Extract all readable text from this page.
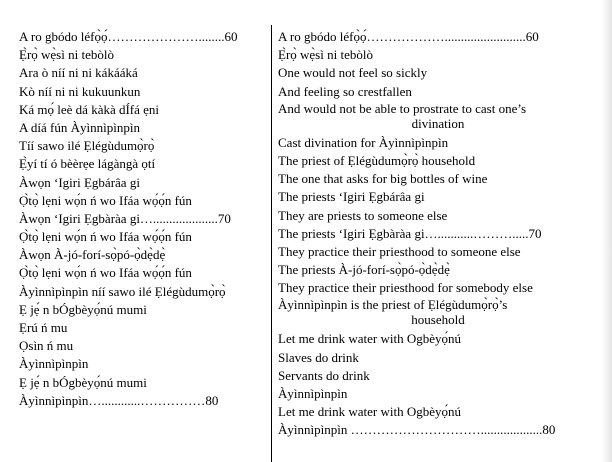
A ro gbódo léfọ̀ọ́…………………........60
Ẹ̀rọ̀ wẹ̀sì ni tebòlò
Ara ò níí ni ni kákááká
Kò níí ni ni kukuunkun
Ká mọ́ leè dá kàkà dÍfá ẹni
A díá fún Àyìnnìpìnpìn
Tíí sawo ilé Ẹlégùdumọ̀rọ̀
Ẹ̀yí tí ó bèèrẹe lágàngà ọtí
Àwọn ‘Igiri Ẹgbárâa gi
Ọ̀tọ̀ lẹni wọ́n ń wo Ifáa wọ́ọ́n fún
Àwọn ‘Igiri Ẹgbàràa gi…....................70
Ọ̀tọ̀ lẹni wọ́n ń wo Ifáa wọ́ọ́n fún
Àwọn À-jó-forí-sọ̀pó-ọ̀dẹ̀dẹ̀
Ọ̀tọ̀ lẹni wọ́n ń wo Ifáa wọ́ọ́n fún
Àyìnnìpìnpìn níí sawo ilé Ẹlégùdumọ̀rọ̀
Ẹ jẹ́ n bÓgbèyọ́nú mumi
Ẹrú ń mu
Ọsìn ń mu
Àyìnnìpìnpìn
Ẹ jẹ́ n bÓgbèyọ́nú mumi
Àyìnnìpìnpìn…............……………80
A ro gbódo léfọ̀ọ́……………….........................60
Ẹ̀rọ̀ wẹ̀sì ni tebòlò
One would not feel so sickly
And feeling so crestfallen
And would not be able to prostrate to cast one’s
divination
Cast divination for Àyìnnìpìnpìn
The priest of Ẹlégùdumọ̀rọ̀ household
The one that asks for big bottles of wine
The priests ‘Igiri Ẹgbárâa gi
They are priests to someone else
The priests ‘Igiri Ẹgbàràa gi…...........……….....70
They practice their priesthood to someone else
The priests À-jó-forí-sọ̀pó-ọ̀dẹ̀dẹ̀
They practice their priesthood for somebody else
Àyìnnìpìnpìn is the priest of Ẹlégùdumọ̀rọ̀’s
household
Let me drink water with Ogbèyọ́nú
Slaves do drink
Servants do drink
Àyìnnìpìnpìn
Let me drink water with Ogbèyọ́nú
Àyìnnìpìnpìn …………………………...................80
